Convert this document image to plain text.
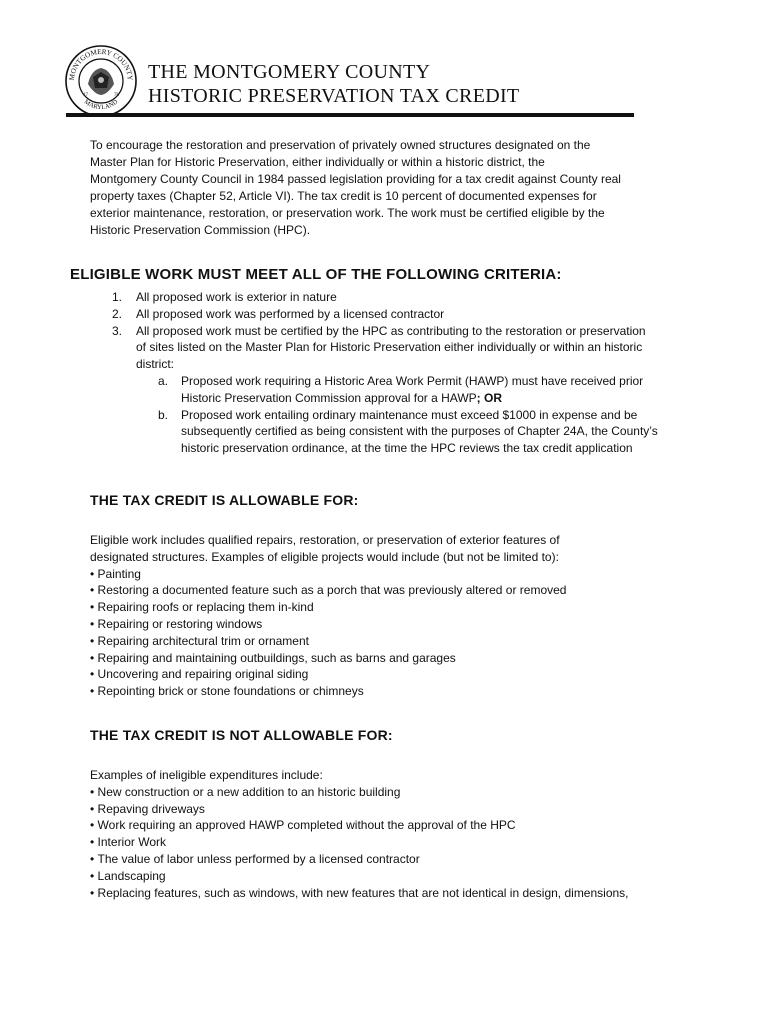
MONTGOMERY COUNTY
MARYLAND
17	76
THE MONTGOMERY COUNTY
HISTORIC PRESERVATION TAX CREDIT

To encourage the restoration and preservation of privately owned structures designated on the

Master Plan for Historic Preservation, either individually or within a historic district, the

Montgomery County Council in 1984 passed legislation providing for a tax credit against County real

property taxes (Chapter 52, Article VI). The tax credit is 10 percent of documented expenses for

exterior maintenance, restoration, or preservation work. The work must be certified eligible by the

Historic Preservation Commission (HPC).

ELIGIBLE WORK MUST MEET ALL OF THE FOLLOWING CRITERIA:
1. All proposed work is exterior in nature
2. All proposed work was performed by a licensed contractor
3. All proposed work must be certified by the HPC as contributing to the restoration or preservation
of sites listed on the Master Plan for Historic Preservation either individually or within an historic
district:
a. Proposed work requiring a Historic Area Work Permit (HAWP) must have received prior
Historic Preservation Commission approval for a HAWP; OR
b. Proposed work entailing ordinary maintenance must exceed $1000 in expense and be
subsequently certified as being consistent with the purposes of Chapter 24A, the County’s
historic preservation ordinance, at the time the HPC reviews the tax credit application
THE TAX CREDIT IS ALLOWABLE FOR:

Eligible work includes qualified repairs, restoration, or preservation of exterior features of

designated structures. Examples of eligible projects would include (but not be limited to):

• Painting
• Restoring a documented feature such as a porch that was previously altered or removed
• Repairing roofs or replacing them in-kind
• Repairing or restoring windows
• Repairing architectural trim or ornament
• Repairing and maintaining outbuildings, such as barns and garages
• Uncovering and repairing original siding
• Repointing brick or stone foundations or chimneys
THE TAX CREDIT IS NOT ALLOWABLE FOR:

Examples of ineligible expenditures include:

• New construction or a new addition to an historic building
• Repaving driveways
• Work requiring an approved HAWP completed without the approval of the HPC
• Interior Work
• The value of labor unless performed by a licensed contractor
• Landscaping
• Replacing features, such as windows, with new features that are not identical in design, dimensions,
